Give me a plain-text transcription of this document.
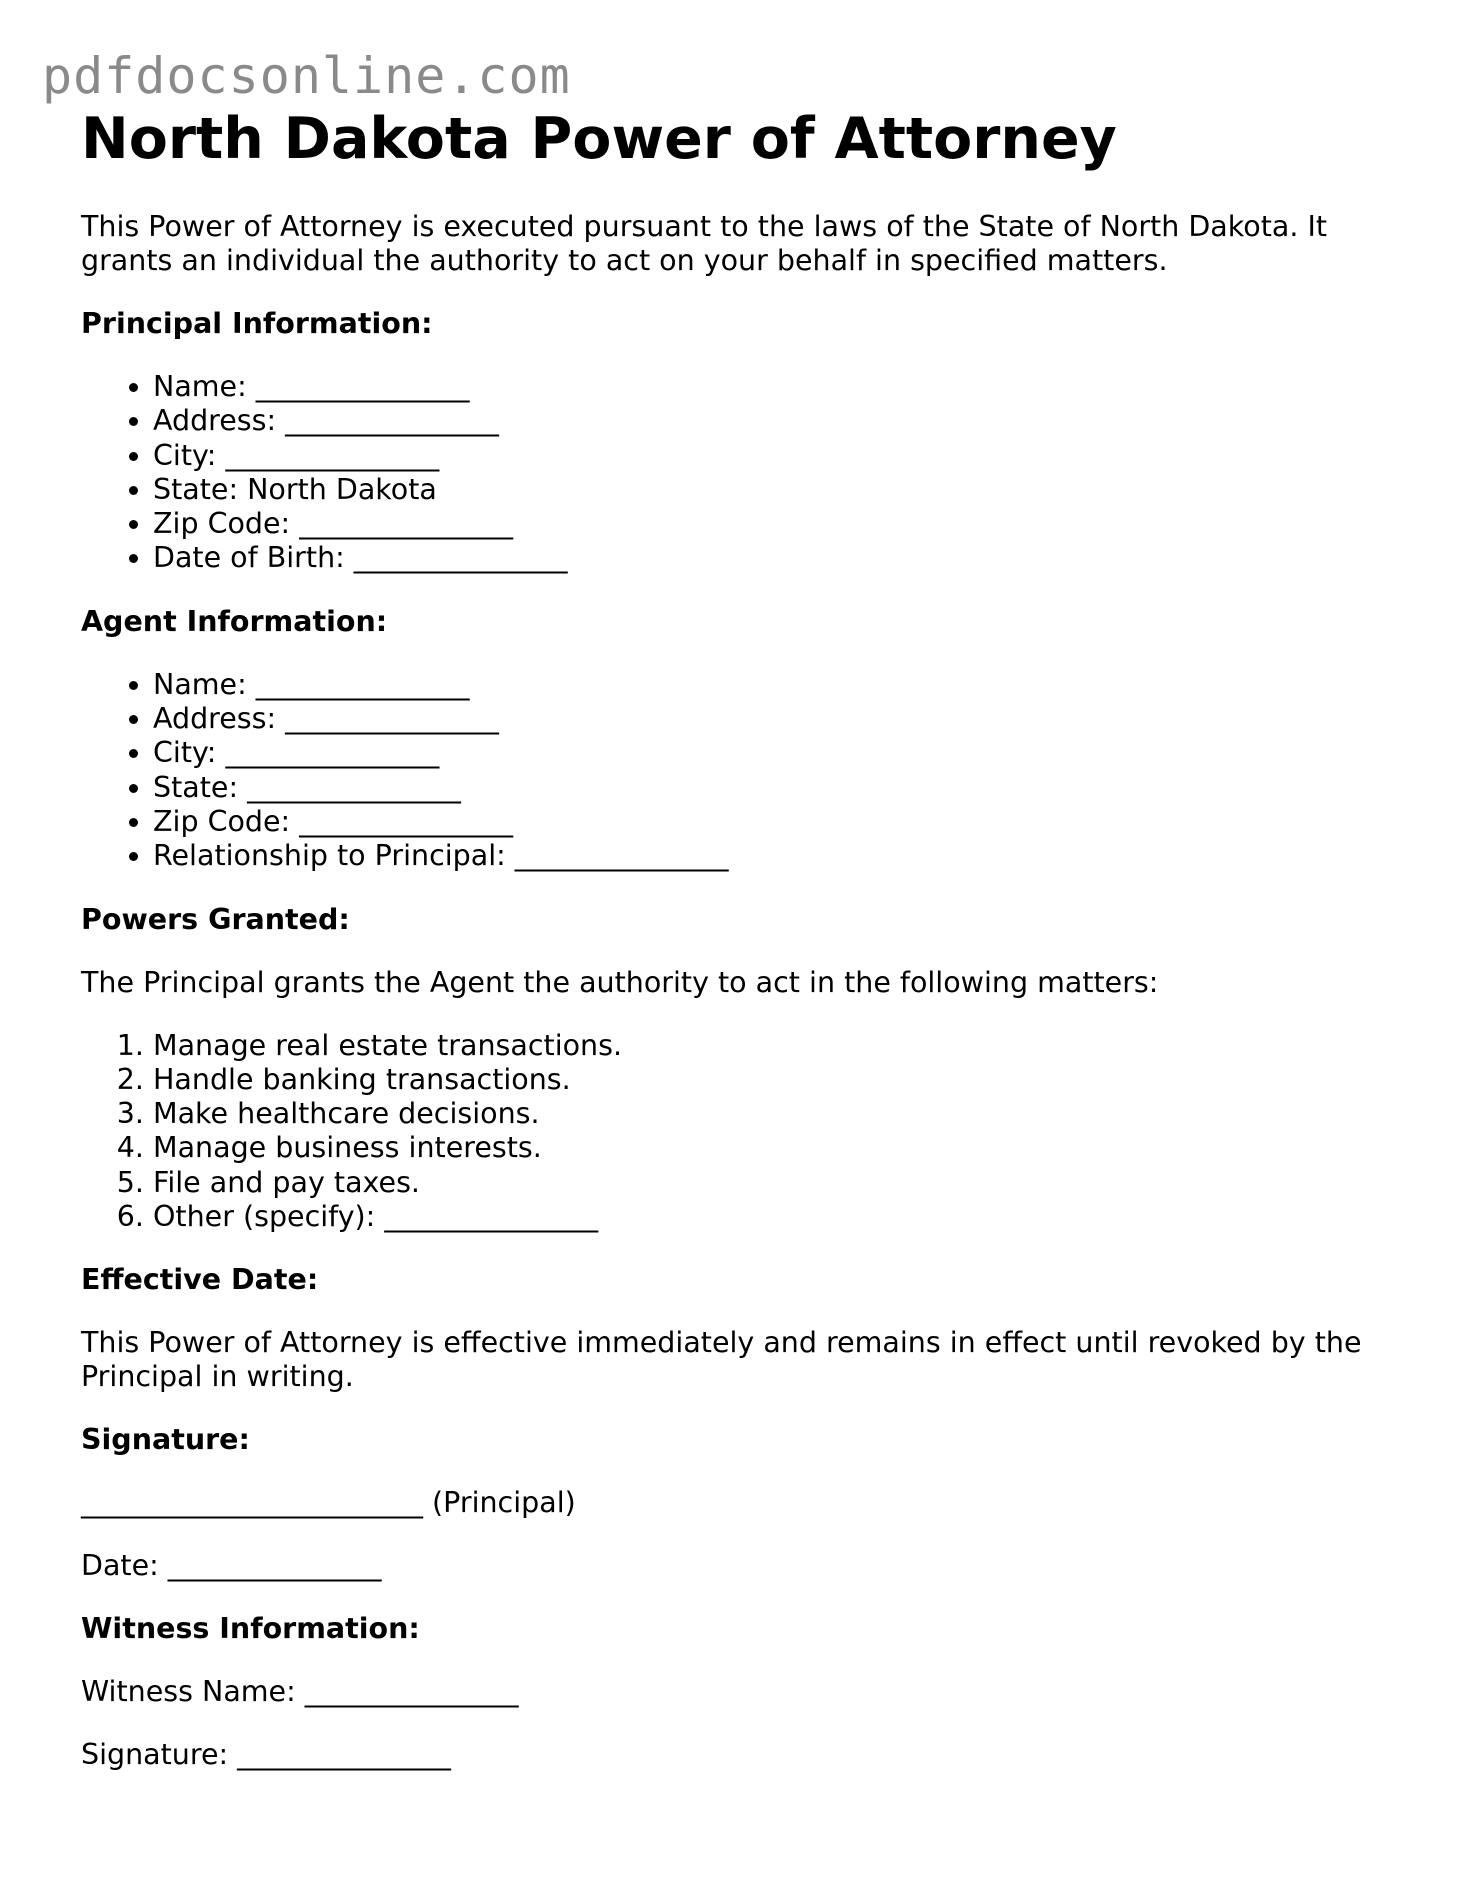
pdfdocsonline.com
North Dakota Power of Attorney

This Power of Attorney is executed pursuant to the laws of the State of North Dakota. It grants an individual the authority to act on your behalf in specified matters.

Principal Information:
• Name: _______________
• Address: _______________
• City: _______________
• State: North Dakota
• Zip Code: _______________
• Date of Birth: _______________
Agent Information:
• Name: _______________
• Address: _______________
• City: _______________
• State: _______________
• Zip Code: _______________
• Relationship to Principal: _______________
Powers Granted:

The Principal grants the Agent the authority to act in the following matters:

1. Manage real estate transactions.
2. Handle banking transactions.
3. Make healthcare decisions.
4. Manage business interests.
5. File and pay taxes.
6. Other (specify): _______________
Effective Date:

This Power of Attorney is effective immediately and remains in effect until revoked by the Principal in writing.

Signature:

________________________ (Principal)

Date: _______________

Witness Information:

Witness Name: _______________

Signature: _______________
